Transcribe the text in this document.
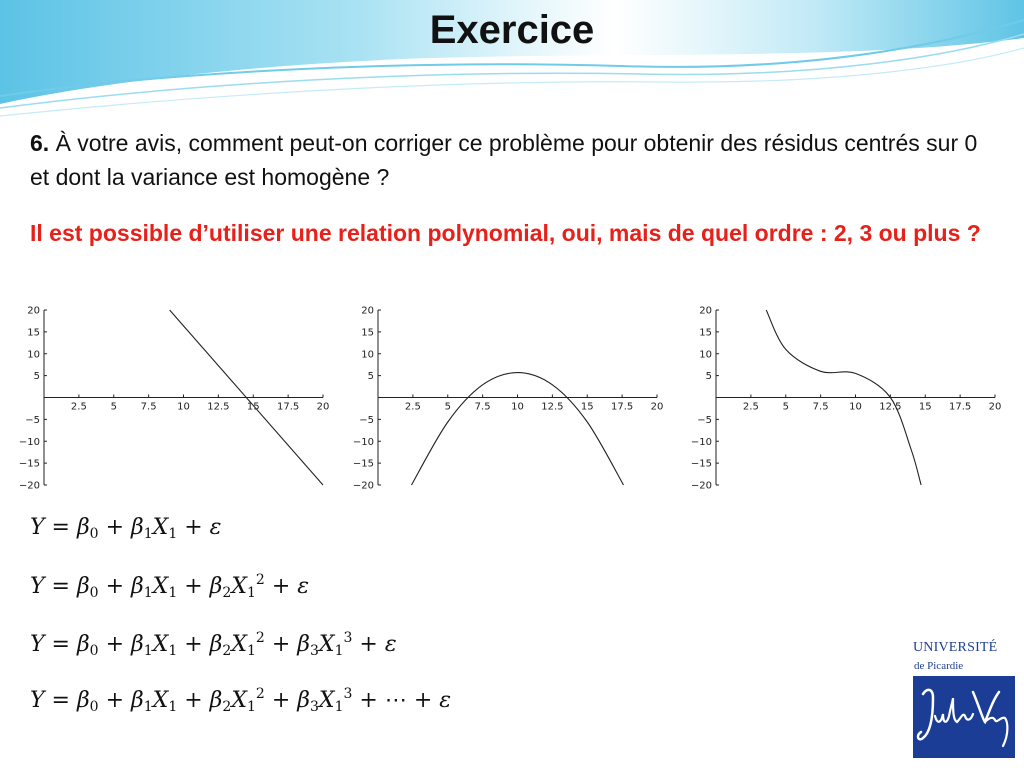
Exercice
6. À votre avis, comment peut-on corriger ce problème pour obtenir des résidus centrés sur 0 et dont la variance est homogène ?
Il est possible d’utiliser une relation polynomial, oui, mais de quel ordre : 2, 3 ou plus ?
2.5 5 7.5 10 12.5 15 17.5 20
20
15
10
5
−5
−10
−15
−20
2.5 5 7.5 10 12.5 15 17.5 20
20
15
10
5
−5
−10
−15
−20
2.5 5 7.5 10 12.5 15 17.5 20
20
15
10
5
−5
−10
−15
−20
$Y = \beta_0 + \beta_1X_1 + \varepsilon$
$Y = \beta_0 + \beta_1X_1 + \beta_2X_1^2 + \varepsilon$
$Y = \beta_0 + \beta_1X_1 + \beta_2X_1^2 + \beta_3X_1^3 + \varepsilon$
$Y = \beta_0 + \beta_1X_1 + \beta_2X_1^2 + \beta_3X_1^3$ + ⋯ + ε
UNIVERSITÉ
de Picardie
